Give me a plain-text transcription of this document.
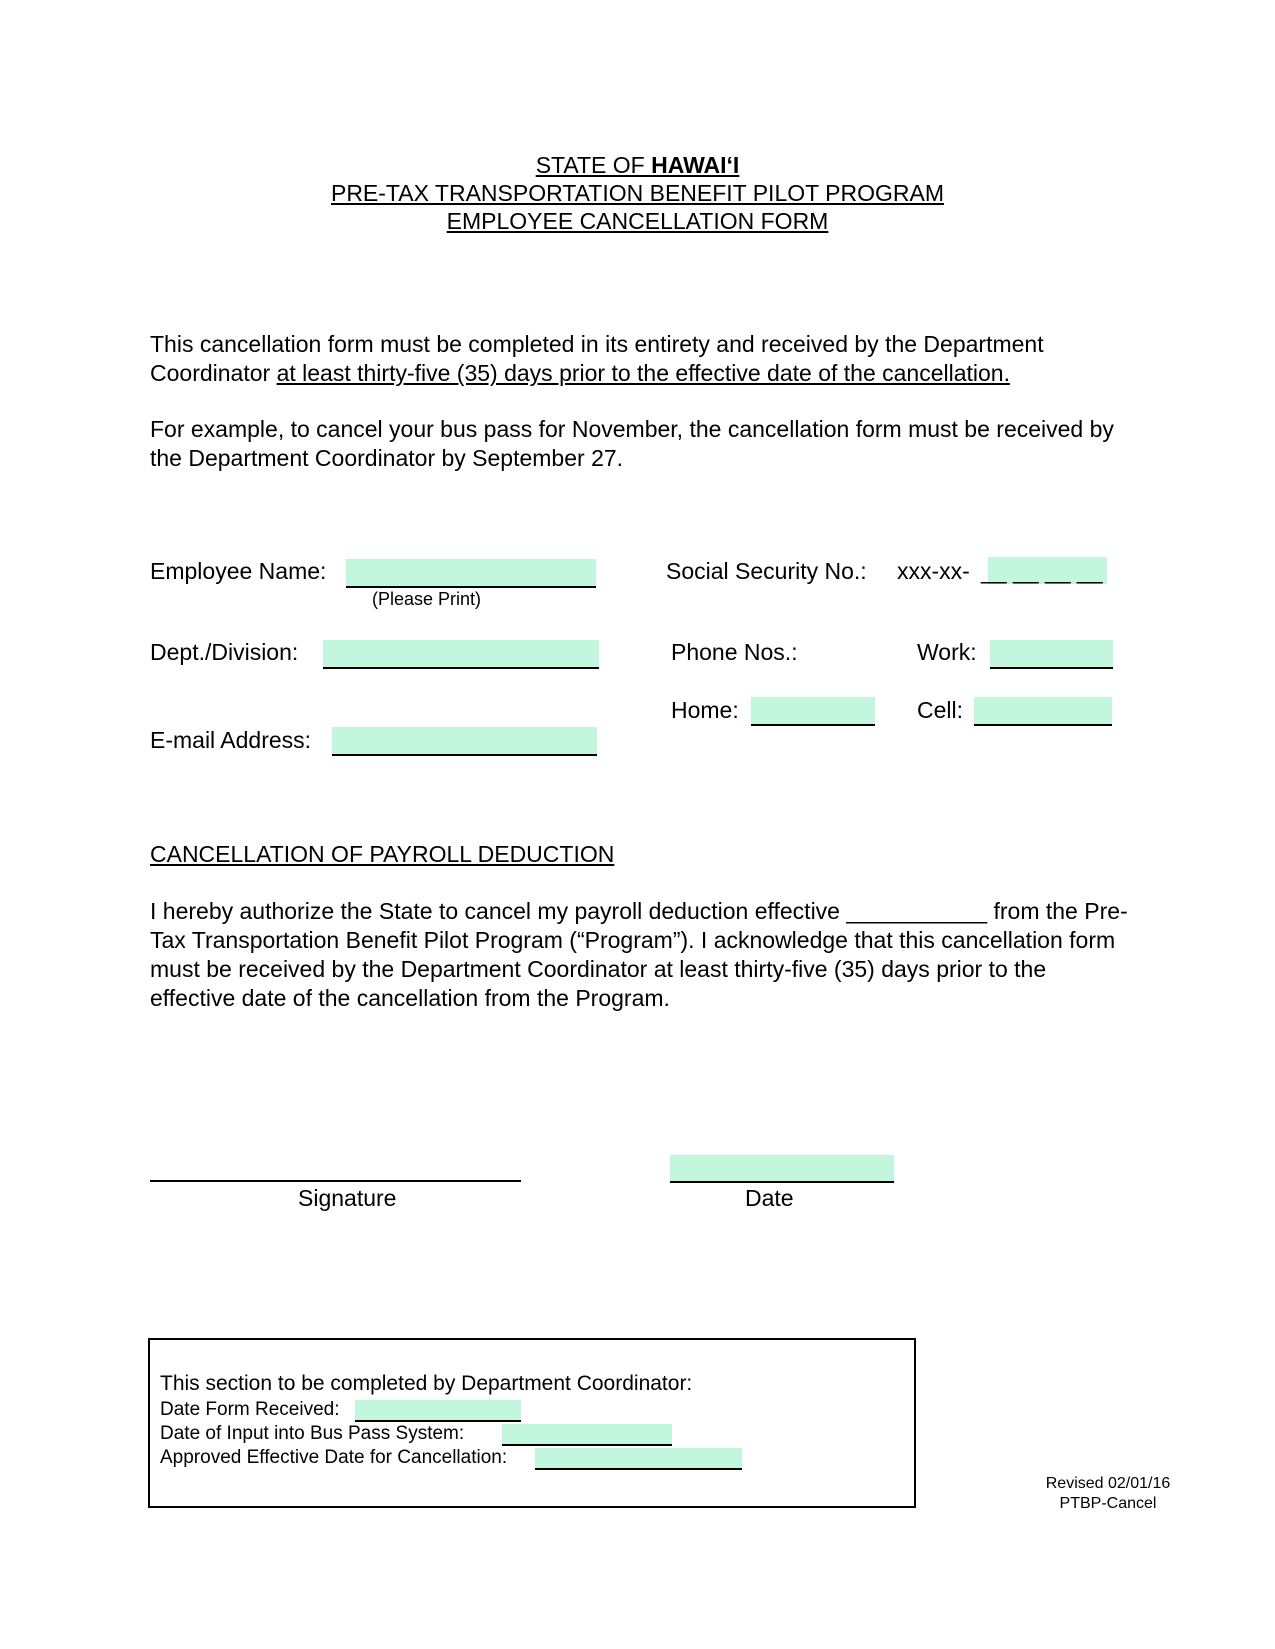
STATE OF HAWAI‘I
PRE-TAX TRANSPORTATION BENEFIT PILOT PROGRAM
EMPLOYEE CANCELLATION FORM
This cancellation form must be completed in its entirety and received by the Department Coordinator at least thirty-five (35) days prior to the effective date of the cancellation.
For example, to cancel your bus pass for November, the cancellation form must be received by the Department Coordinator by September 27.
Employee Name:
(Please Print)
Social Security No.: xxx-xx- __ __ __ __
Dept./Division:	Phone Nos.:	Work:
Home:	Cell:
E-mail Address:
CANCELLATION OF PAYROLL DEDUCTION
I hereby authorize the State to cancel my payroll deduction effective ___________ from the Pre-Tax Transportation Benefit Pilot Program (“Program”). I acknowledge that this cancellation form must be received by the Department Coordinator at least thirty-five (35) days prior to the effective date of the cancellation from the Program.
Signature	Date
This section to be completed by Department Coordinator:
Date Form Received:
Date of Input into Bus Pass System:
Approved Effective Date for Cancellation:
Revised 02/01/16
PTBP-Cancel
